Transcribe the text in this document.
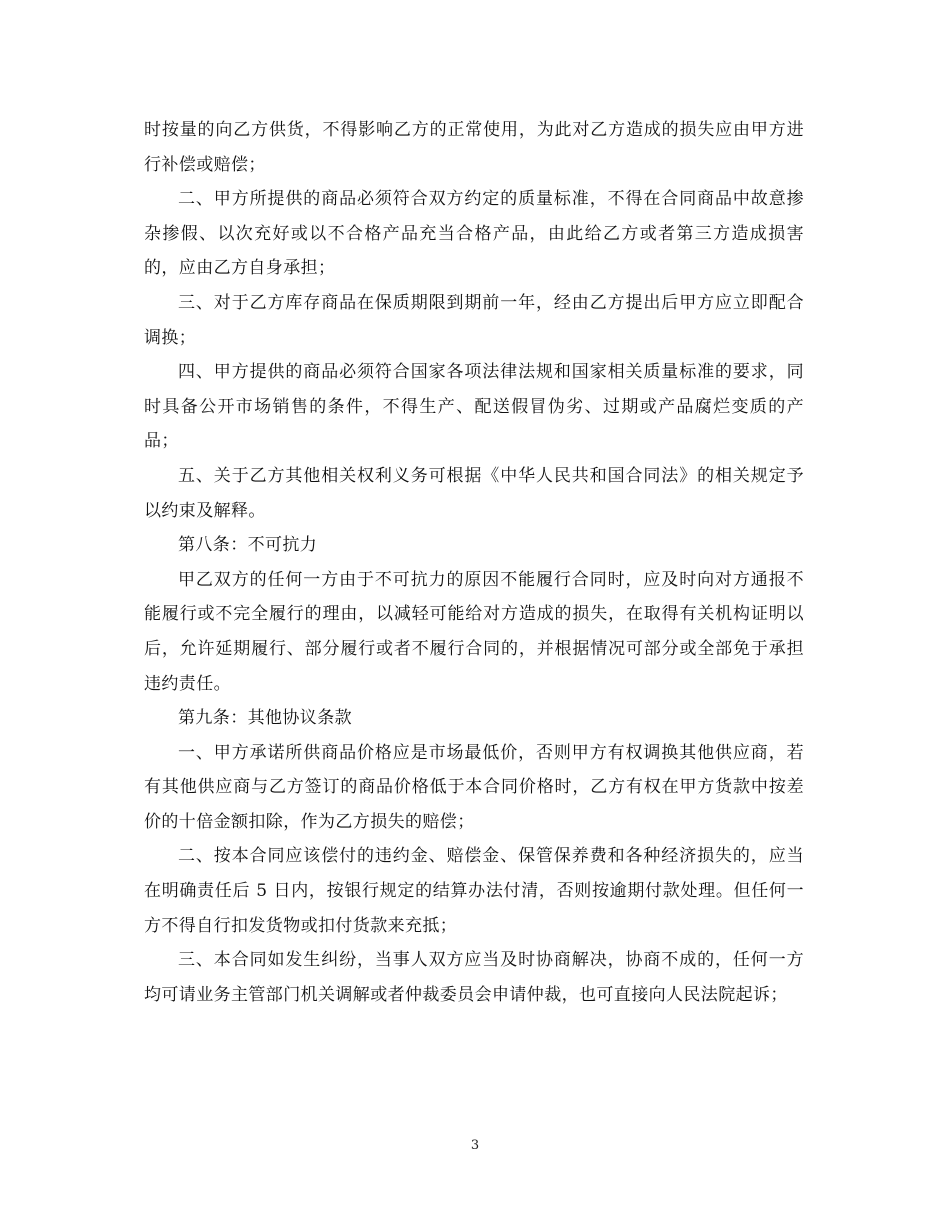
时按量的向乙方供货，不得影响乙方的正常使用，为此对乙方造成的损失应由甲方进行补偿或赔偿；

二、甲方所提供的商品必须符合双方约定的质量标准，不得在合同商品中故意掺杂掺假、以次充好或以不合格产品充当合格产品，由此给乙方或者第三方造成损害的，应由乙方自身承担；

三、对于乙方库存商品在保质期限到期前一年，经由乙方提出后甲方应立即配合调换；

四、甲方提供的商品必须符合国家各项法律法规和国家相关质量标准的要求，同时具备公开市场销售的条件，不得生产、配送假冒伪劣、过期或产品腐烂变质的产品；

五、关于乙方其他相关权利义务可根据《中华人民共和国合同法》的相关规定予以约束及解释。

第八条：不可抗力

甲乙双方的任何一方由于不可抗力的原因不能履行合同时，应及时向对方通报不能履行或不完全履行的理由，以减轻可能给对方造成的损失，在取得有关机构证明以后，允许延期履行、部分履行或者不履行合同的，并根据情况可部分或全部免于承担违约责任。

第九条：其他协议条款

一、甲方承诺所供商品价格应是市场最低价，否则甲方有权调换其他供应商，若有其他供应商与乙方签订的商品价格低于本合同价格时，乙方有权在甲方货款中按差价的十倍金额扣除，作为乙方损失的赔偿；

二、按本合同应该偿付的违约金、赔偿金、保管保养费和各种经济损失的，应当在明确责任后 5 日内，按银行规定的结算办法付清，否则按逾期付款处理。但任何一方不得自行扣发货物或扣付货款来充抵；

三、本合同如发生纠纷，当事人双方应当及时协商解决，协商不成的，任何一方均可请业务主管部门机关调解或者仲裁委员会申请仲裁，也可直接向人民法院起诉；

3
